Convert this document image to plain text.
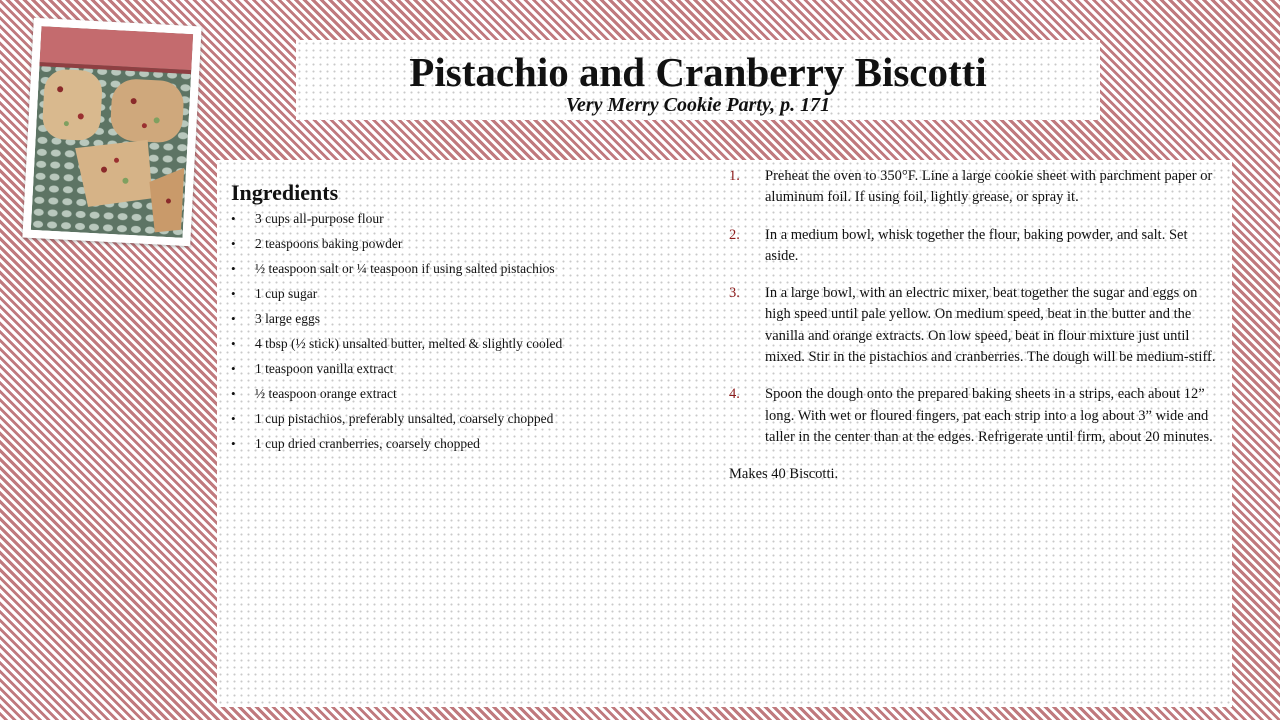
Pistachio and Cranberry Biscotti
Very Merry Cookie Party, p. 171
Ingredients
• 3 cups all-purpose flour
• 2 teaspoons baking powder
• ½ teaspoon salt or ¼ teaspoon if using salted pistachios
• 1 cup sugar
• 3 large eggs
• 4 tbsp (½ stick) unsalted butter, melted & slightly cooled
• 1 teaspoon vanilla extract
• ½ teaspoon orange extract
• 1 cup pistachios, preferably unsalted, coarsely chopped
• 1 cup dried cranberries, coarsely chopped
1. Preheat the oven to 350°F. Line a large cookie sheet with parchment paper or aluminum foil. If using foil, lightly grease, or spray it.
2. In a medium bowl, whisk together the flour, baking powder, and salt. Set aside.
3. In a large bowl, with an electric mixer, beat together the sugar and eggs on high speed until pale yellow. On medium speed, beat in the butter and the vanilla and orange extracts. On low speed, beat in flour mixture just until mixed. Stir in the pistachios and cranberries. The dough will be medium-stiff.
4. Spoon the dough onto the prepared baking sheets in a strips, each about 12” long. With wet or floured fingers, pat each strip into a log about 3” wide and taller in the center than at the edges. Refrigerate until firm, about 20 minutes.
Makes 40 Biscotti.
